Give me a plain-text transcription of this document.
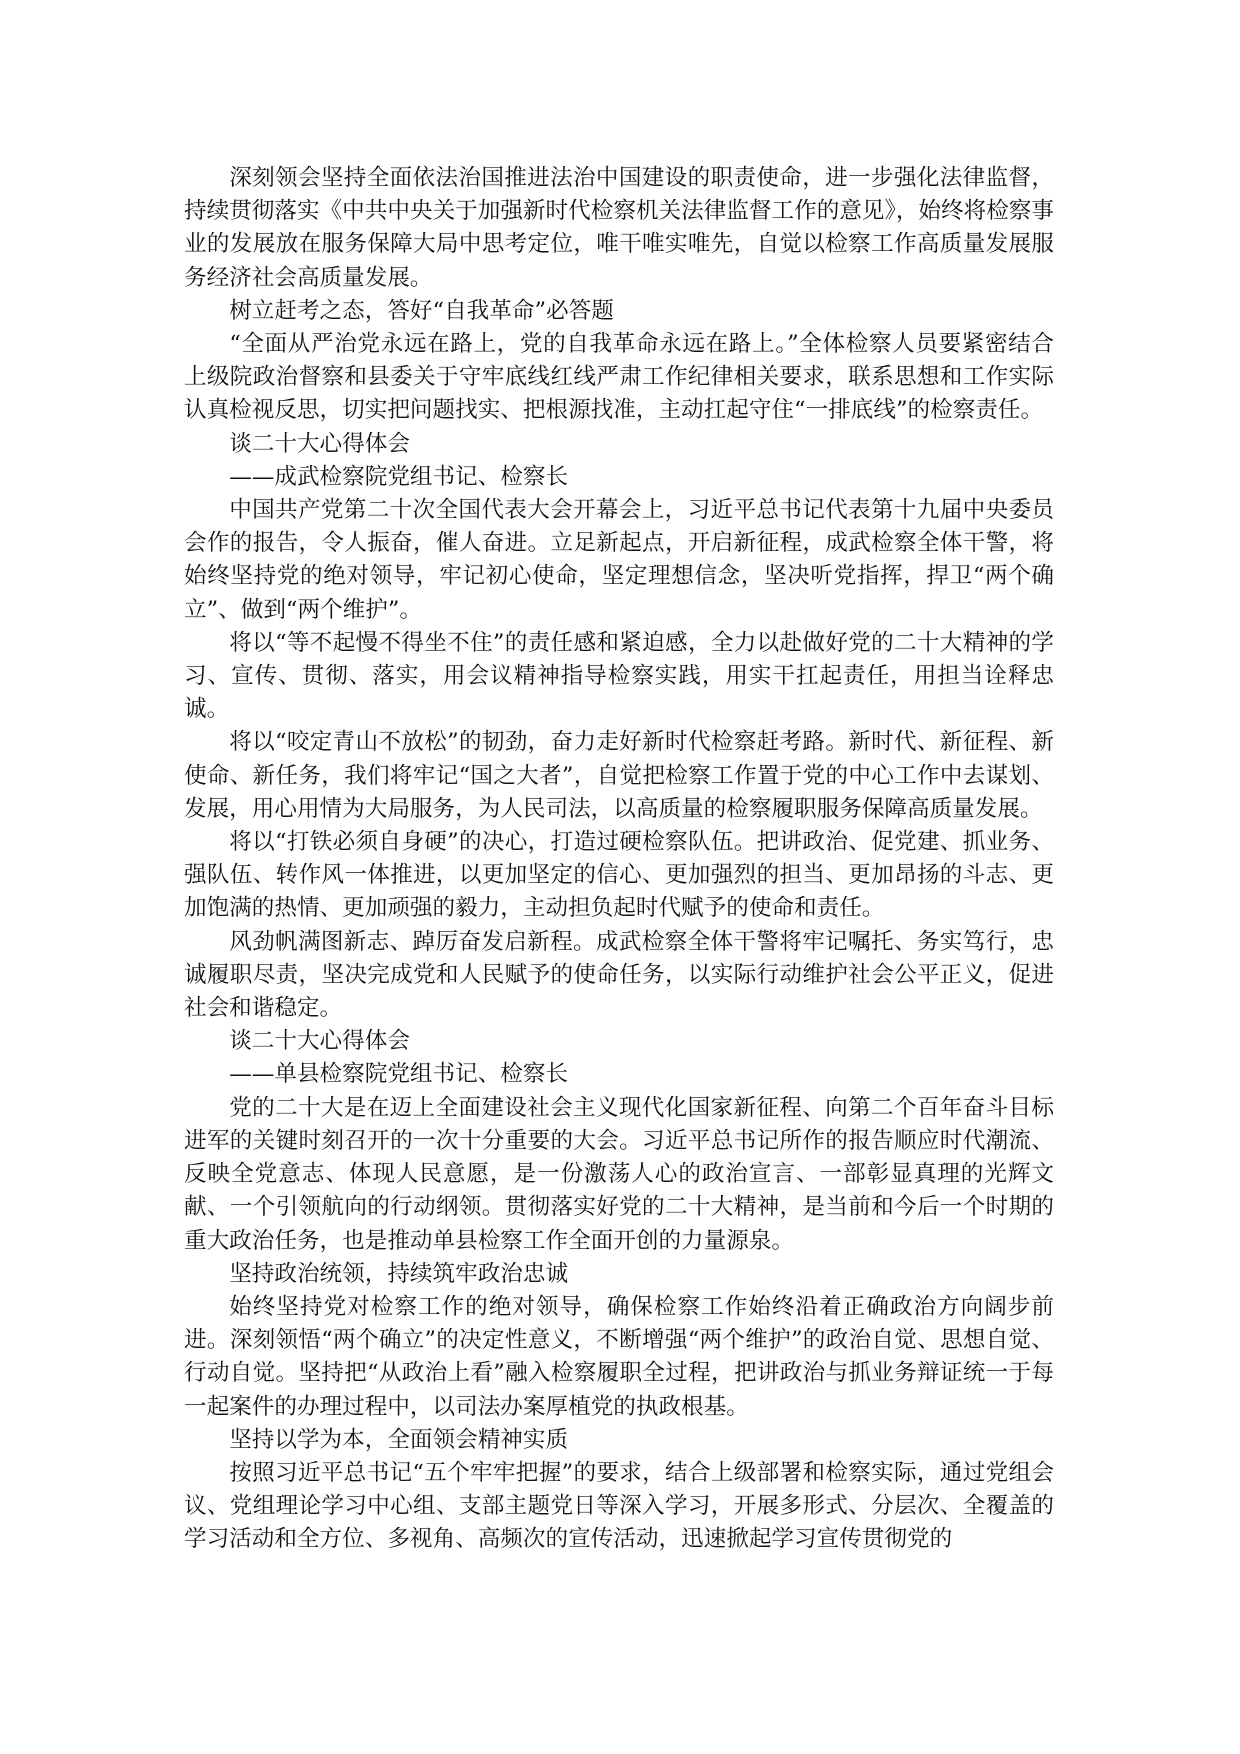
深刻领会坚持全面依法治国推进法治中国建设的职责使命，进一步强化法律监督，持续贯彻落实《中共中央关于加强新时代检察机关法律监督工作的意见》，始终将检察事业的发展放在服务保障大局中思考定位，唯干唯实唯先，自觉以检察工作高质量发展服务经济社会高质量发展。

树立赶考之态，答好“自我革命”必答题

“全面从严治党永远在路上，党的自我革命永远在路上。”全体检察人员要紧密结合上级院政治督察和县委关于守牢底线红线严肃工作纪律相关要求，联系思想和工作实际认真检视反思，切实把问题找实、把根源找准，主动扛起守住“一排底线”的检察责任。

谈二十大心得体会

——成武检察院党组书记、检察长

中国共产党第二十次全国代表大会开幕会上，习近平总书记代表第十九届中央委员会作的报告，令人振奋，催人奋进。立足新起点，开启新征程，成武检察全体干警，将始终坚持党的绝对领导，牢记初心使命，坚定理想信念，坚决听党指挥，捍卫“两个确立”、做到“两个维护”。

将以“等不起慢不得坐不住”的责任感和紧迫感，全力以赴做好党的二十大精神的学习、宣传、贯彻、落实，用会议精神指导检察实践，用实干扛起责任，用担当诠释忠诚。

将以“咬定青山不放松”的韧劲，奋力走好新时代检察赶考路。新时代、新征程、新使命、新任务，我们将牢记“国之大者”，自觉把检察工作置于党的中心工作中去谋划、发展，用心用情为大局服务，为人民司法，以高质量的检察履职服务保障高质量发展。

将以“打铁必须自身硬”的决心，打造过硬检察队伍。把讲政治、促党建、抓业务、强队伍、转作风一体推进，以更加坚定的信心、更加强烈的担当、更加昂扬的斗志、更加饱满的热情、更加顽强的毅力，主动担负起时代赋予的使命和责任。

风劲帆满图新志、踔厉奋发启新程。成武检察全体干警将牢记嘱托、务实笃行，忠诚履职尽责，坚决完成党和人民赋予的使命任务，以实际行动维护社会公平正义，促进社会和谐稳定。

谈二十大心得体会

——单县检察院党组书记、检察长

党的二十大是在迈上全面建设社会主义现代化国家新征程、向第二个百年奋斗目标进军的关键时刻召开的一次十分重要的大会。习近平总书记所作的报告顺应时代潮流、反映全党意志、体现人民意愿，是一份激荡人心的政治宣言、一部彰显真理的光辉文献、一个引领航向的行动纲领。贯彻落实好党的二十大精神，是当前和今后一个时期的重大政治任务，也是推动单县检察工作全面开创的力量源泉。

坚持政治统领，持续筑牢政治忠诚

始终坚持党对检察工作的绝对领导，确保检察工作始终沿着正确政治方向阔步前进。深刻领悟“两个确立”的决定性意义，不断增强“两个维护”的政治自觉、思想自觉、行动自觉。坚持把“从政治上看”融入检察履职全过程，把讲政治与抓业务辩证统一于每一起案件的办理过程中，以司法办案厚植党的执政根基。

坚持以学为本，全面领会精神实质

按照习近平总书记“五个牢牢把握”的要求，结合上级部署和检察实际，通过党组会议、党组理论学习中心组、支部主题党日等深入学习，开展多形式、分层次、全覆盖的学习活动和全方位、多视角、高频次的宣传活动，迅速掀起学习宣传贯彻党的
